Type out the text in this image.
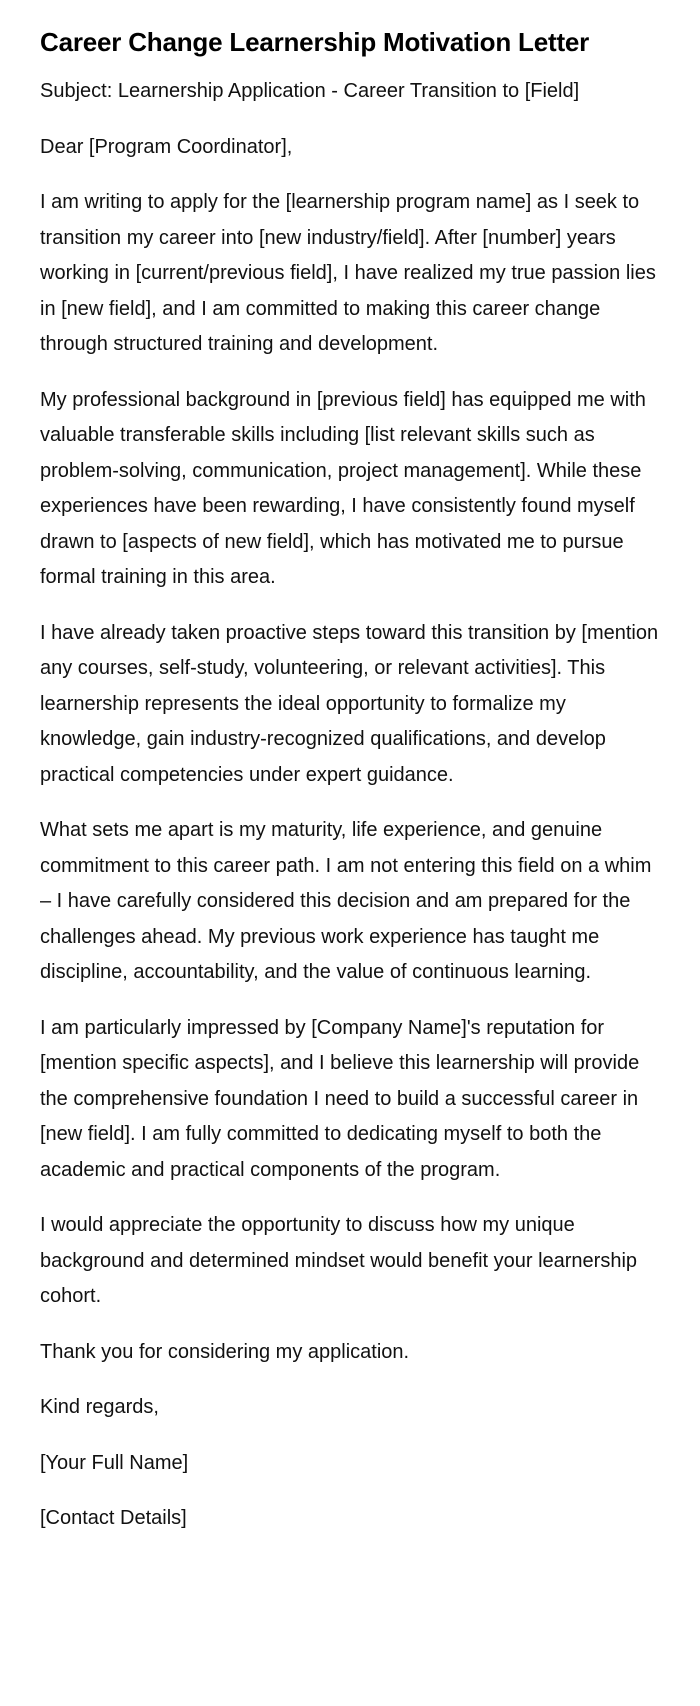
Career Change Learnership Motivation Letter

Subject: Learnership Application - Career Transition to [Field]

Dear [Program Coordinator],

I am writing to apply for the [learnership program name] as I seek to transition my career into [new industry/field]. After [number] years working in [current/previous field], I have realized my true passion lies in [new field], and I am committed to making this career change through structured training and development.

My professional background in [previous field] has equipped me with valuable transferable skills including [list relevant skills such as problem-solving, communication, project management]. While these experiences have been rewarding, I have consistently found myself drawn to [aspects of new field], which has motivated me to pursue formal training in this area.

I have already taken proactive steps toward this transition by [mention any courses, self-study, volunteering, or relevant activities]. This learnership represents the ideal opportunity to formalize my knowledge, gain industry-recognized qualifications, and develop practical competencies under expert guidance.

What sets me apart is my maturity, life experience, and genuine commitment to this career path. I am not entering this field on a whim – I have carefully considered this decision and am prepared for the challenges ahead. My previous work experience has taught me discipline, accountability, and the value of continuous learning.

I am particularly impressed by [Company Name]'s reputation for [mention specific aspects], and I believe this learnership will provide the comprehensive foundation I need to build a successful career in [new field]. I am fully committed to dedicating myself to both the academic and practical components of the program.

I would appreciate the opportunity to discuss how my unique background and determined mindset would benefit your learnership cohort.

Thank you for considering my application.

Kind regards,

[Your Full Name]

[Contact Details]
